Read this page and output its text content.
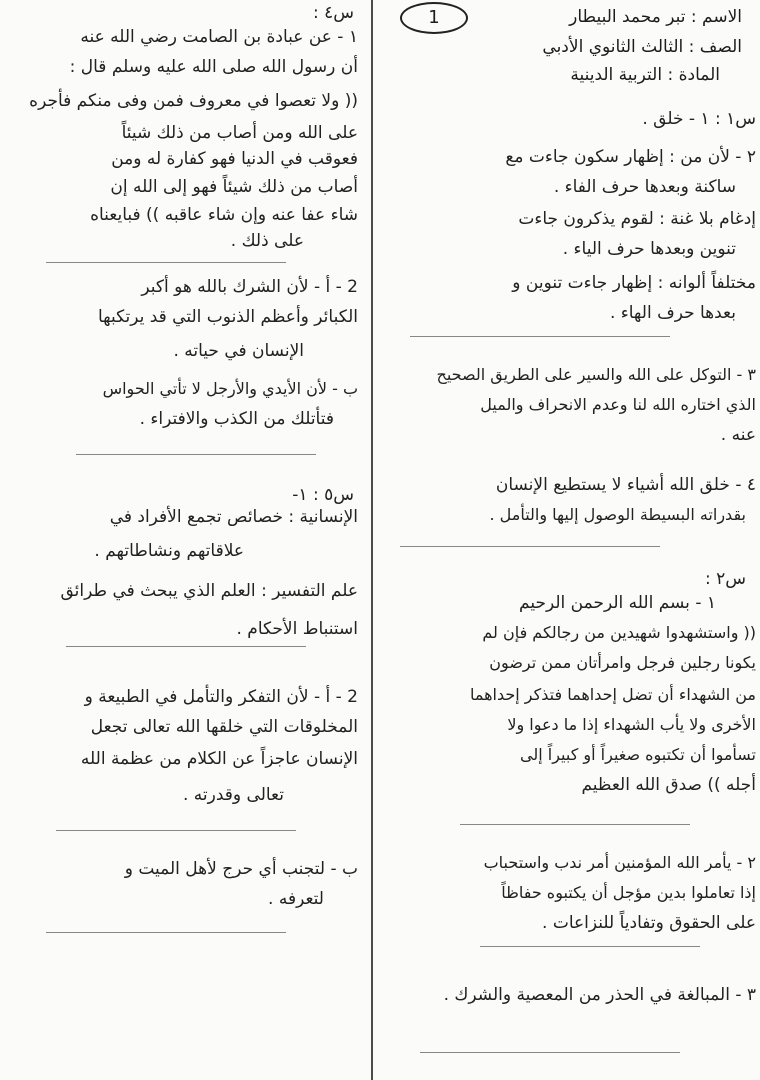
1	الاسم : تبر محمد البيطار
الصف : الثالث الثانوي الأدبي
المادة : التربية الدينية
س٤ :
١ - عن عبادة بن الصامت رضي الله عنه
أن رسول الله صلى الله عليه وسلم قال :
(( ولا تعصوا في معروف فمن وفى منكم فأجره
على الله ومن أصاب من ذلك شيئاً
فعوقب في الدنيا فهو كفارة له ومن
أصاب من ذلك شيئاً فهو إلى الله إن
شاء عفا عنه وإن شاء عاقبه )) فبايعناه
على ذلك .
2 - أ - لأن الشرك بالله هو أكبر
الكبائر وأعظم الذنوب التي قد يرتكبها
الإنسان في حياته .
ب - لأن الأيدي والأرجل لا تأتي الحواس
فتأتلك من الكذب والافتراء .
س٥ : ١-
الإنسانية : خصائص تجمع الأفراد في
علاقاتهم ونشاطاتهم .
علم التفسير : العلم الذي يبحث في طرائق
استنباط الأحكام .
2 - أ - لأن التفكر والتأمل في الطبيعة و
المخلوقات التي خلقها الله تعالى تجعل
الإنسان عاجزاً عن الكلام من عظمة الله
تعالى وقدرته .
ب - لتجنب أي حرج لأهل الميت و
لتعرفه .
س١ : ١ - خلق .
٢ - لأن من : إظهار سكون جاءت مع
ساكنة وبعدها حرف الفاء .
إدغام بلا غنة : لقوم يذكرون جاءت
تنوين وبعدها حرف الياء .
مختلفاً ألوانه : إظهار جاءت تنوين و
بعدها حرف الهاء .
٣ - التوكل على الله والسير على الطريق الصحيح
الذي اختاره الله لنا وعدم الانحراف والميل
عنه .
٤ - خلق الله أشياء لا يستطيع الإنسان
بقدراته البسيطة الوصول إليها والتأمل .
س٢ :
١ - بسم الله الرحمن الرحيم
(( واستشهدوا شهيدين من رجالكم فإن لم
يكونا رجلين فرجل وامرأتان ممن ترضون
من الشهداء أن تضل إحداهما فتذكر إحداهما
الأخرى ولا يأب الشهداء إذا ما دعوا ولا
تسأموا أن تكتبوه صغيراً أو كبيراً إلى
أجله )) صدق الله العظيم
٢ - يأمر الله المؤمنين أمر ندب واستحباب
إذا تعاملوا بدين مؤجل أن يكتبوه حفاظاً
على الحقوق وتفادياً للنزاعات .
٣ - المبالغة في الحذر من المعصية والشرك .
